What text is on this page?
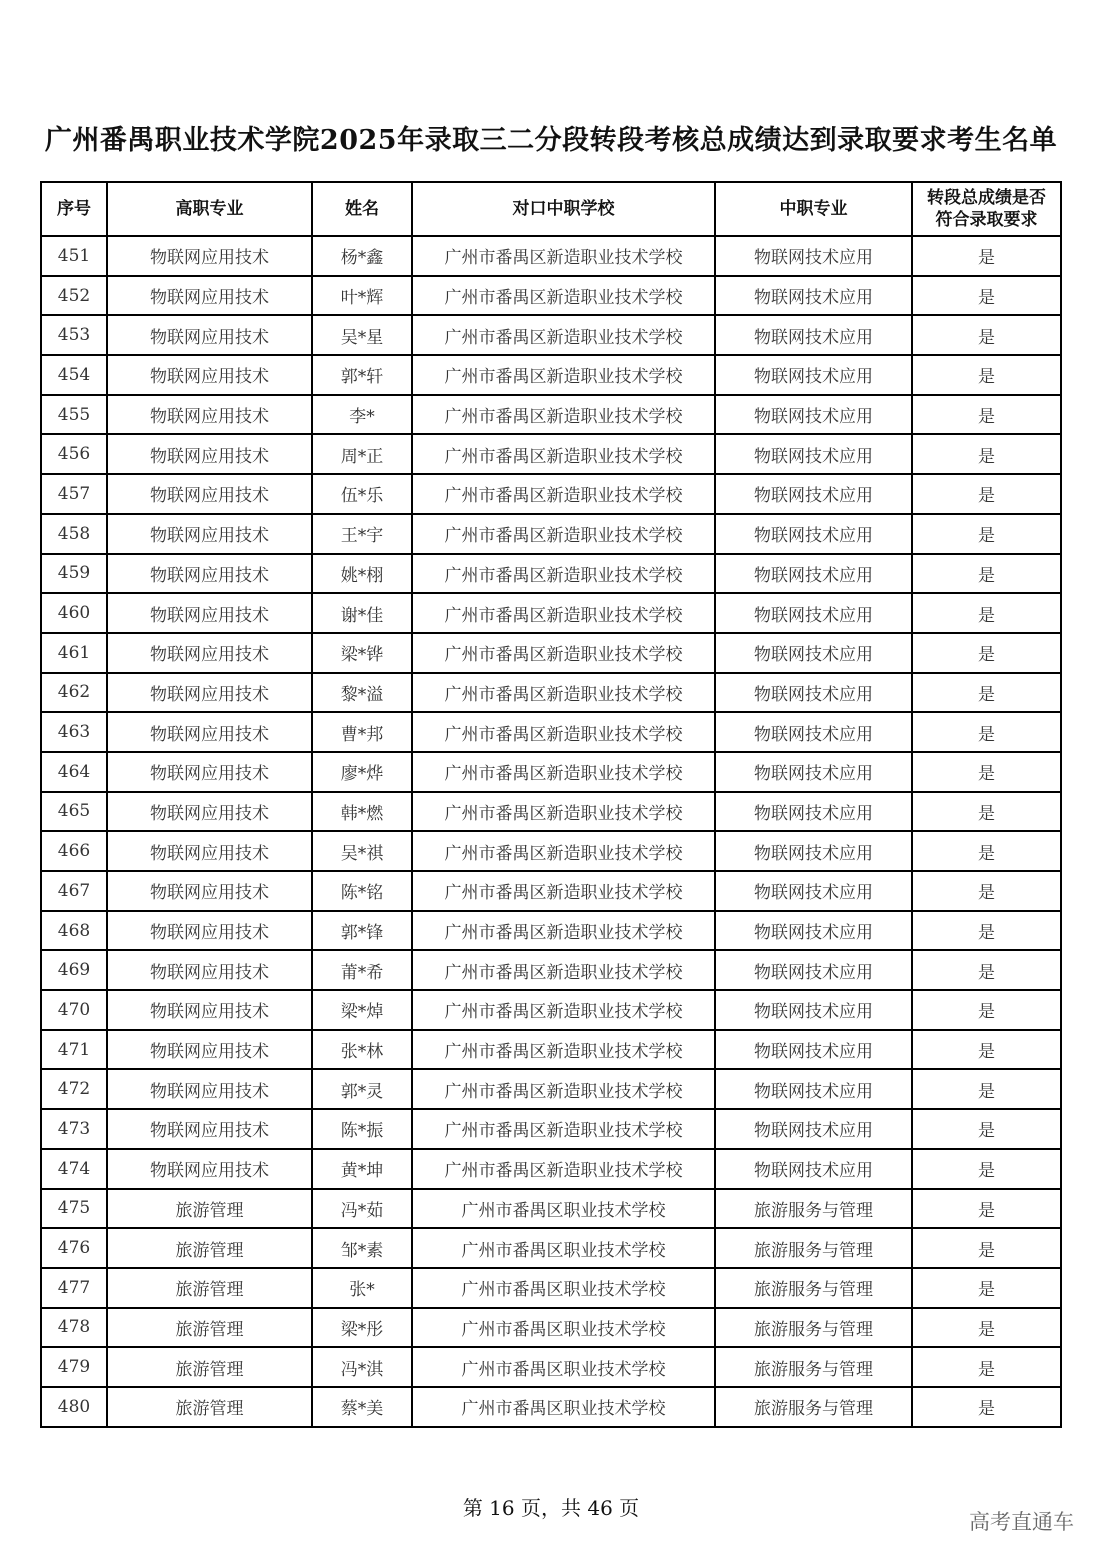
广州番禺职业技术学院2025年录取三二分段转段考核总成绩达到录取要求考生名单
序号	高职专业	姓名	对口中职学校	中职专业	转段总成绩是否符合录取要求
451	物联网应用技术	杨*鑫	广州市番禺区新造职业技术学校	物联网技术应用	是
452	物联网应用技术	叶*辉	广州市番禺区新造职业技术学校	物联网技术应用	是
453	物联网应用技术	吴*星	广州市番禺区新造职业技术学校	物联网技术应用	是
454	物联网应用技术	郭*轩	广州市番禺区新造职业技术学校	物联网技术应用	是
455	物联网应用技术	李*	广州市番禺区新造职业技术学校	物联网技术应用	是
456	物联网应用技术	周*正	广州市番禺区新造职业技术学校	物联网技术应用	是
457	物联网应用技术	伍*乐	广州市番禺区新造职业技术学校	物联网技术应用	是
458	物联网应用技术	王*宇	广州市番禺区新造职业技术学校	物联网技术应用	是
459	物联网应用技术	姚*栩	广州市番禺区新造职业技术学校	物联网技术应用	是
460	物联网应用技术	谢*佳	广州市番禺区新造职业技术学校	物联网技术应用	是
461	物联网应用技术	梁*铧	广州市番禺区新造职业技术学校	物联网技术应用	是
462	物联网应用技术	黎*溢	广州市番禺区新造职业技术学校	物联网技术应用	是
463	物联网应用技术	曹*邦	广州市番禺区新造职业技术学校	物联网技术应用	是
464	物联网应用技术	廖*烨	广州市番禺区新造职业技术学校	物联网技术应用	是
465	物联网应用技术	韩*燃	广州市番禺区新造职业技术学校	物联网技术应用	是
466	物联网应用技术	吴*祺	广州市番禺区新造职业技术学校	物联网技术应用	是
467	物联网应用技术	陈*铭	广州市番禺区新造职业技术学校	物联网技术应用	是
468	物联网应用技术	郭*锋	广州市番禺区新造职业技术学校	物联网技术应用	是
469	物联网应用技术	莆*希	广州市番禺区新造职业技术学校	物联网技术应用	是
470	物联网应用技术	梁*焯	广州市番禺区新造职业技术学校	物联网技术应用	是
471	物联网应用技术	张*林	广州市番禺区新造职业技术学校	物联网技术应用	是
472	物联网应用技术	郭*灵	广州市番禺区新造职业技术学校	物联网技术应用	是
473	物联网应用技术	陈*振	广州市番禺区新造职业技术学校	物联网技术应用	是
474	物联网应用技术	黄*坤	广州市番禺区新造职业技术学校	物联网技术应用	是
475	旅游管理	冯*茹	广州市番禺区职业技术学校	旅游服务与管理	是
476	旅游管理	邹*素	广州市番禺区职业技术学校	旅游服务与管理	是
477	旅游管理	张*	广州市番禺区职业技术学校	旅游服务与管理	是
478	旅游管理	梁*彤	广州市番禺区职业技术学校	旅游服务与管理	是
479	旅游管理	冯*淇	广州市番禺区职业技术学校	旅游服务与管理	是
480	旅游管理	蔡*美	广州市番禺区职业技术学校	旅游服务与管理	是
第 16 页，共 46 页
高考直通车
